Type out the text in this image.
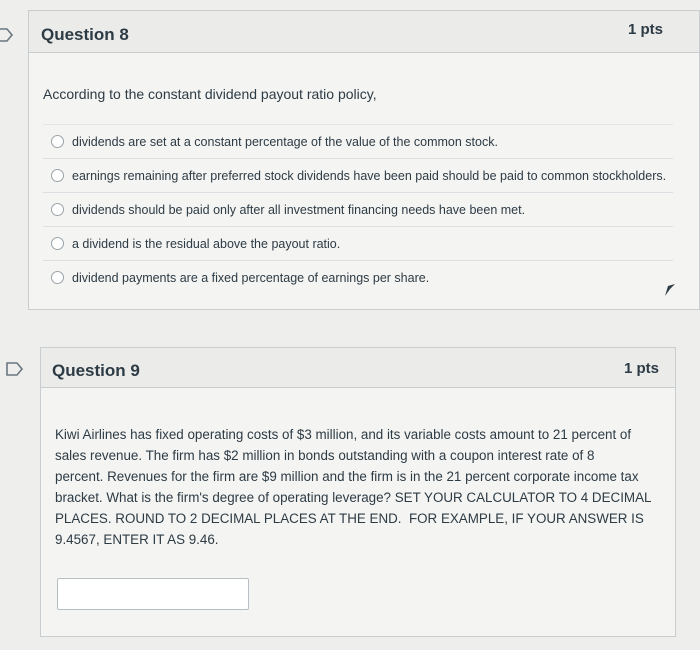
Question 8	1 pts
According to the constant dividend payout ratio policy,
dividends are set at a constant percentage of the value of the common stock.
earnings remaining after preferred stock dividends have been paid should be paid to common stockholders.
dividends should be paid only after all investment financing needs have been met.
a dividend is the residual above the payout ratio.
dividend payments are a fixed percentage of earnings per share.
Question 9	1 pts
Kiwi Airlines has fixed operating costs of $3 million, and its variable costs amount to 21 percent of
sales revenue. The firm has $2 million in bonds outstanding with a coupon interest rate of 8
percent. Revenues for the firm are $9 million and the firm is in the 21 percent corporate income tax
bracket. What is the firm's degree of operating leverage? SET YOUR CALCULATOR TO 4 DECIMAL
PLACES. ROUND TO 2 DECIMAL PLACES AT THE END.  FOR EXAMPLE, IF YOUR ANSWER IS
9.4567, ENTER IT AS 9.46.
